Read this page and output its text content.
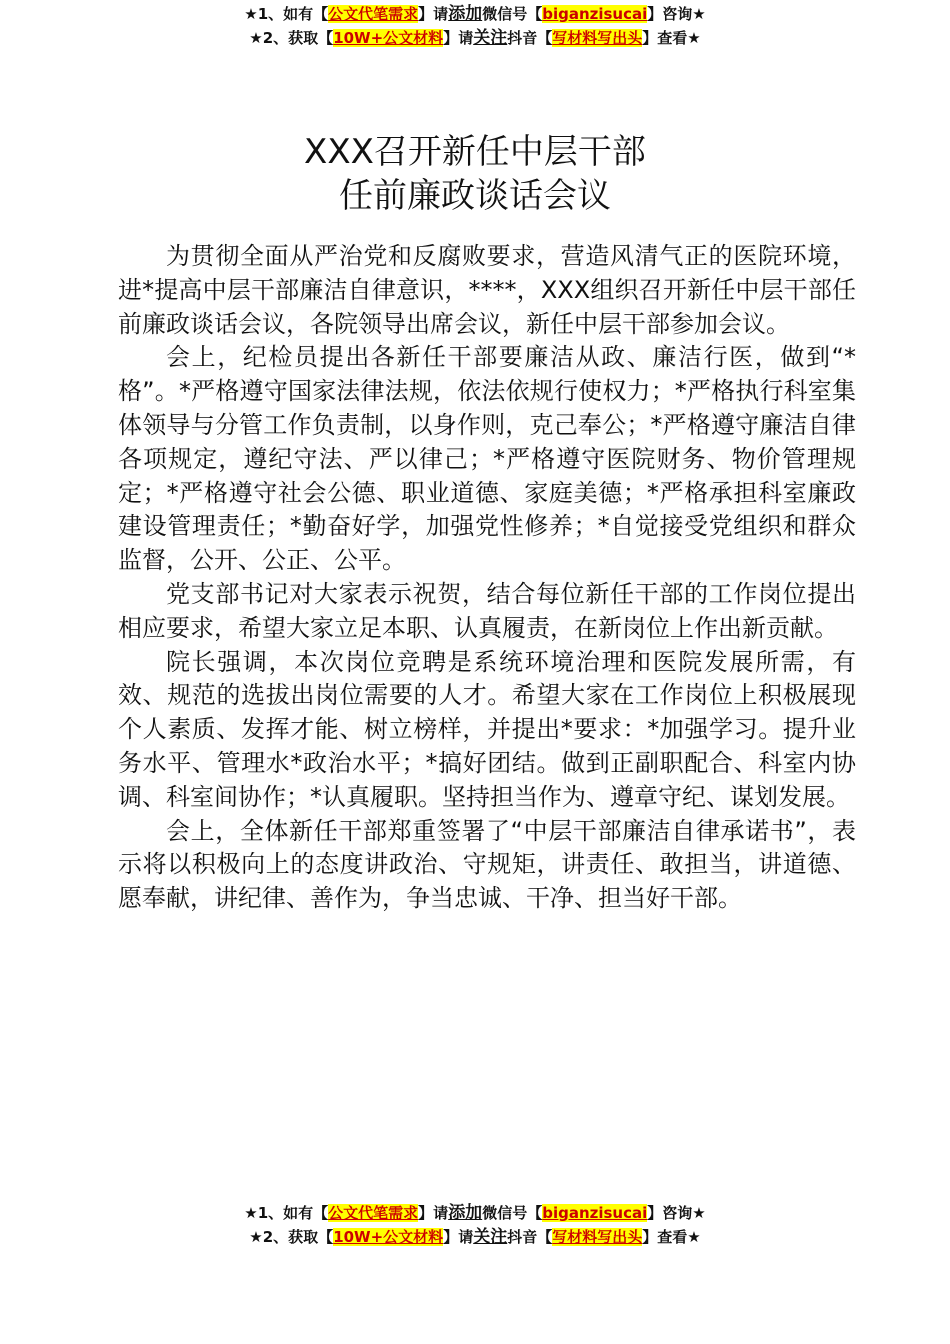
★1、如有【公文代笔需求】请添加微信号【biganzisucai】咨询★
★2、获取【10W+公文材料】请关注抖音【写材料写出头】查看★
XXX召开新任中层干部
任前廉政谈话会议

为贯彻全面从严治党和反腐败要求，营造风清气正的医院环境，进*提高中层干部廉洁自律意识，****，XXX组织召开新任中层干部任前廉政谈话会议，各院领导出席会议，新任中层干部参加会议。

会上，纪检员提出各新任干部要廉洁从政、廉洁行医，做到“*格”。*严格遵守国家法律法规，依法依规行使权力；*严格执行科室集体领导与分管工作负责制，以身作则，克己奉公；*严格遵守廉洁自律各项规定，遵纪守法、严以律己；*严格遵守医院财务、物价管理规定；*严格遵守社会公德、职业道德、家庭美德；*严格承担科室廉政建设管理责任；*勤奋好学，加强党性修养；*自觉接受党组织和群众监督，公开、公正、公平。

党支部书记对大家表示祝贺，结合每位新任干部的工作岗位提出相应要求，希望大家立足本职、认真履责，在新岗位上作出新贡献。

院长强调，本次岗位竞聘是系统环境治理和医院发展所需，有效、规范的选拔出岗位需要的人才。希望大家在工作岗位上积极展现个人素质、发挥才能、树立榜样，并提出*要求：*加强学习。提升业务水平、管理水*政治水平；*搞好团结。做到正副职配合、科室内协调、科室间协作；*认真履职。坚持担当作为、遵章守纪、谋划发展。

会上，全体新任干部郑重签署了“中层干部廉洁自律承诺书”，表示将以积极向上的态度讲政治、守规矩，讲责任、敢担当，讲道德、愿奉献，讲纪律、善作为，争当忠诚、干净、担当好干部。

★1、如有【公文代笔需求】请添加微信号【biganzisucai】咨询★
★2、获取【10W+公文材料】请关注抖音【写材料写出头】查看★
